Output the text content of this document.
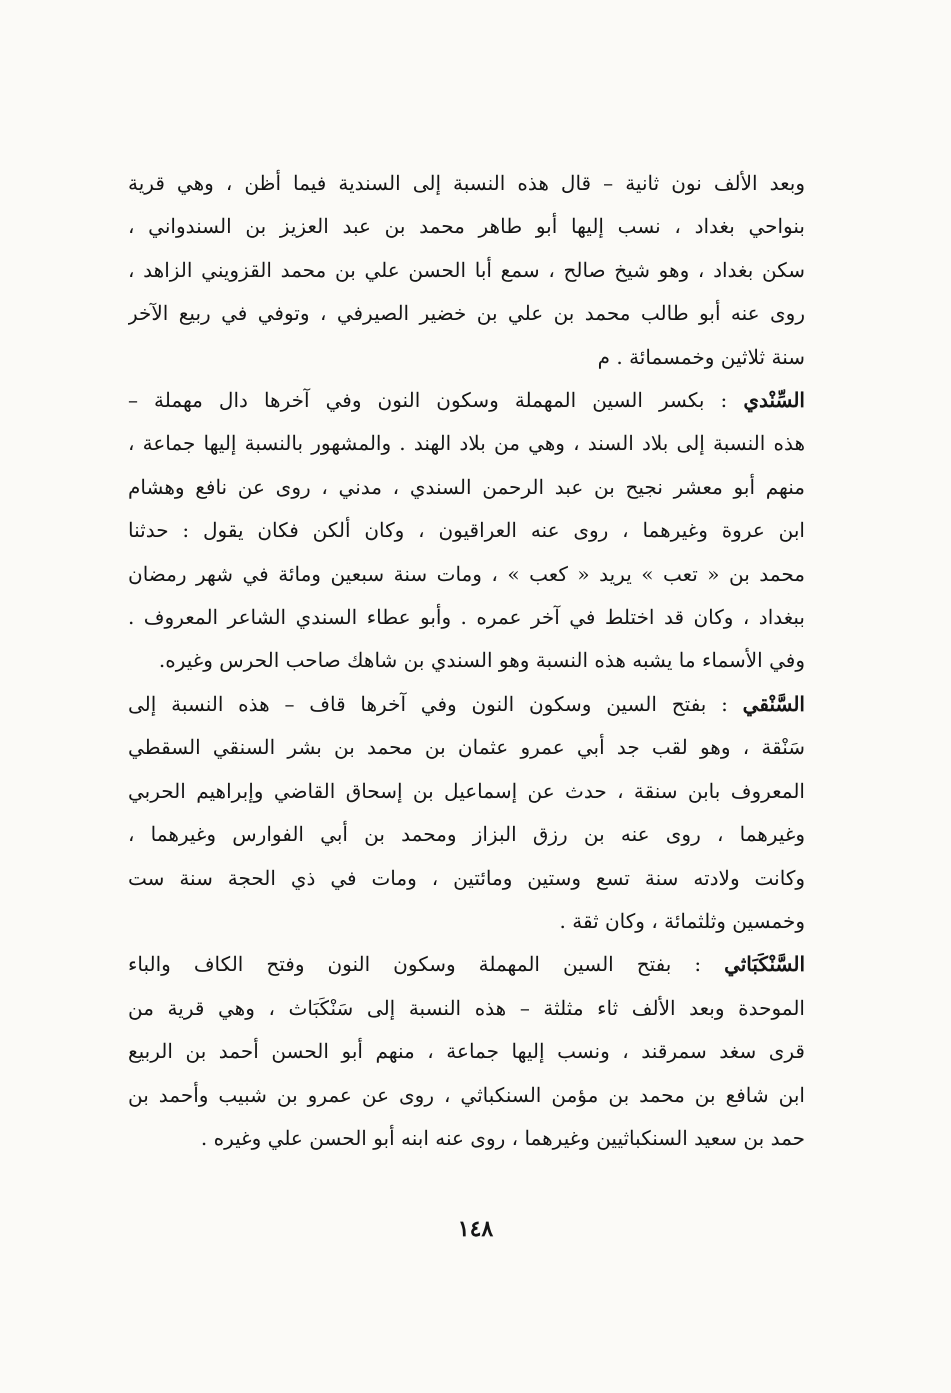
وبعد الألف نون ثانية – قال هذه النسبة إلى السندية فيما أظن ، وهي قرية
بنواحي بغداد ، نسب إليها أبو طاهر محمد بن عبد العزيز بن السندواني ،
سكن بغداد ، وهو شيخ صالح ، سمع أبا الحسن علي بن محمد القزويني الزاهد ،
روى عنه أبو طالب محمد بن علي بن خضير الصيرفي ، وتوفي في ربيع الآخر
سنة ثلاثين وخمسمائة . م
السِّنْدي : بكسر السين المهملة وسكون النون وفي آخرها دال مهملة –
هذه النسبة إلى بلاد السند ، وهي من بلاد الهند . والمشهور بالنسبة إليها جماعة ،
منهم أبو معشر نجيح بن عبد الرحمن السندي ، مدني ، روى عن نافع وهشام
ابن عروة وغيرهما ، روى عنه العراقيون ، وكان ألكن فكان يقول : حدثنا
محمد بن « تعب » يريد « كعب » ، ومات سنة سبعين ومائة في شهر رمضان
ببغداد ، وكان قد اختلط في آخر عمره . وأبو عطاء السندي الشاعر المعروف .
وفي الأسماء ما يشبه هذه النسبة وهو السندي بن شاهك صاحب الحرس وغيره.
السَّنْقي : بفتح السين وسكون النون وفي آخرها قاف – هذه النسبة إلى
سَنْقة ، وهو لقب جد أبي عمرو عثمان بن محمد بن بشر السنقي السقطي
المعروف بابن سنقة ، حدث عن إسماعيل بن إسحاق القاضي وإبراهيم الحربي
وغيرهما ، روى عنه بن رزق البزاز ومحمد بن أبي الفوارس وغيرهما ،
وكانت ولادته سنة تسع وستين ومائتين ، ومات في ذي الحجة سنة ست
وخمسين وثلثمائة ، وكان ثقة .
السَّنْكَبَاثي : بفتح السين المهملة وسكون النون وفتح الكاف والباء
الموحدة وبعد الألف ثاء مثلثة – هذه النسبة إلى سَنْكَبَاث ، وهي قرية من
قرى سغد سمرقند ، ونسب إليها جماعة ، منهم أبو الحسن أحمد بن الربيع
ابن شافع بن محمد بن مؤمن السنكباثي ، روى عن عمرو بن شبيب وأحمد بن
حمد بن سعيد السنكباثيين وغيرهما ، روى عنه ابنه أبو الحسن علي وغيره .
١٤٨
